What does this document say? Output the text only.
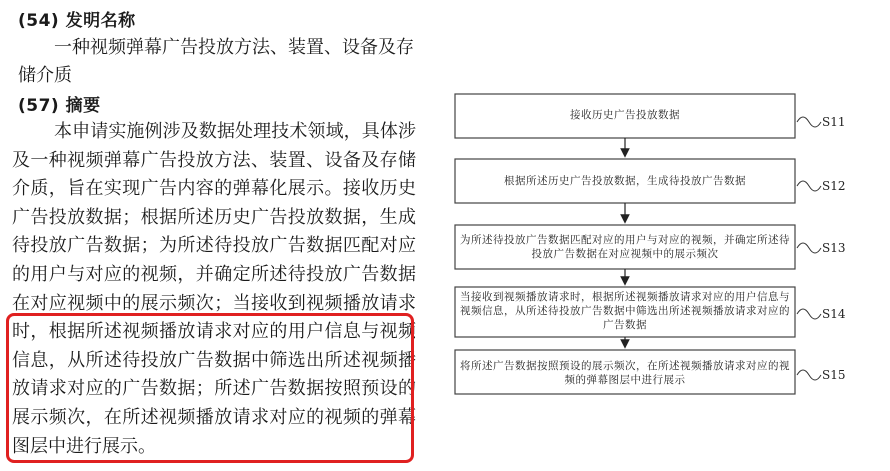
(54) 发明名称
一种视频弹幕广告投放方法、装置、设备及存储介质
(57) 摘要
本申请实施例涉及数据处理技术领域，具体涉及一种视频弹幕广告投放方法、装置、设备及存储介质，旨在实现广告内容的弹幕化展示。接收历史广告投放数据；根据所述历史广告投放数据，生成待投放广告数据；为所述待投放广告数据匹配对应的用户与对应的视频，并确定所述待投放广告数据在对应视频中的展示频次；当接收到视频播放请求时，根据所述视频播放请求对应的用户信息与视频信息，从所述待投放广告数据中筛选出所述视频播放请求对应的广告数据；所述广告数据按照预设的展示频次，在所述视频播放请求对应的视频的弹幕图层中进行展示。
接收历史广告投放数据
根据所述历史广告投放数据，生成待投放广告数据
为所述待投放广告数据匹配对应的用户与对应的视频，并确定所述待投放广告数据在对应视频中的展示频次
当接收到视频播放请求时，根据所述视频播放请求对应的用户信息与视频信息，从所述待投放广告数据中筛选出所述视频播放请求对应的广告数据
将所述广告数据按照预设的展示频次，在所述视频播放请求对应的视频的弹幕图层中进行展示
S11
S12
S13
S14
S15
